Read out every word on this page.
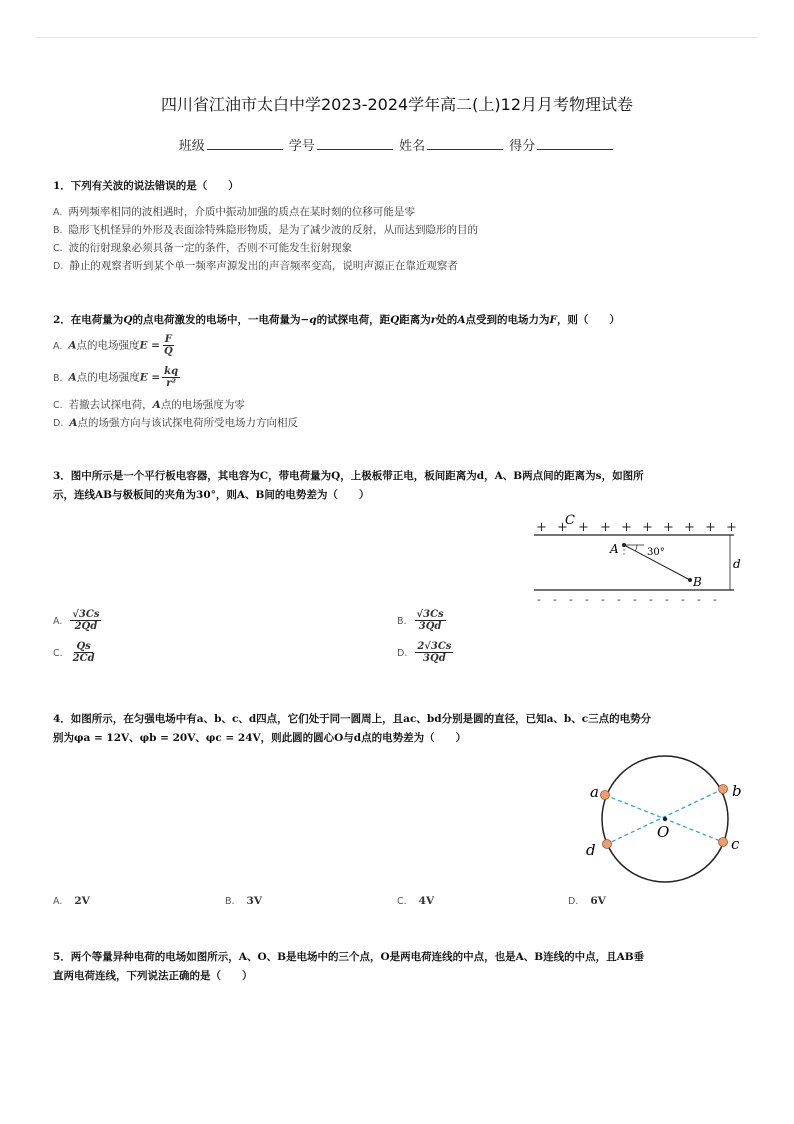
四川省江油市太白中学2023-2024学年高二(上)12月月考物理试卷
班级	学号	姓名	得分
1．下列有关波的说法错误的是（　　）
A. 两列频率相同的波相遇时，介质中振动加强的质点在某时刻的位移可能是零
B. 隐形飞机怪异的外形及表面涂特殊隐形物质，是为了减少波的反射，从而达到隐形的目的
C. 波的衍射现象必须具备一定的条件，否则不可能发生衍射现象
D. 静止的观察者听到某个单一频率声源发出的声音频率变高，说明声源正在靠近观察者
2．在电荷量为Q的点电荷激发的电场中，一电荷量为−q的试探电荷，距Q距离为r处的A点受到的电场力为F，则（　　）
A. A点的电场强度$E = \frac{F}{Q}$
B. A点的电场强度$E = \frac{kq}{\text{r²}}$
C. 若撤去试探电荷，A点的电场强度为零
D. A点的场强方向与该试探电荷所受电场力方向相反
3．图中所示是一个平行板电容器，其电容为C，带电荷量为Q，上极板带正电，板间距离为d，A、B两点间的距离为s，如图所
示，连线AB与极板间的夹角为30°，则A、B间的电势差为（　　）
+ + + + + + + + + +
C
- - - - - - - - - - - -
A
B
30°
d
A. $\frac{√3Cs}{2Qd}$	B. $\frac{√3Cs}{3Qd}$
C. $\frac{Qs}{2Cd}$	D. $\frac{2√3Cs}{3Qd}$
4．如图所示，在匀强电场中有a、b、c、d四点，它们处于同一圆周上，且ac、bd分别是圆的直径，已知a、b、c三点的电势分
别为φa = 12V、φb = 20V、φc = 24V，则此圆的圆心O与d点的电势差为（　　）
a	b
c
d
O
A. 2V	B. 3V	C. 4V	D. 6V
5．两个等量异种电荷的电场如图所示，A、O、B是电场中的三个点，O是两电荷连线的中点，也是A、B连线的中点，且AB垂
直两电荷连线，下列说法正确的是（　　）
